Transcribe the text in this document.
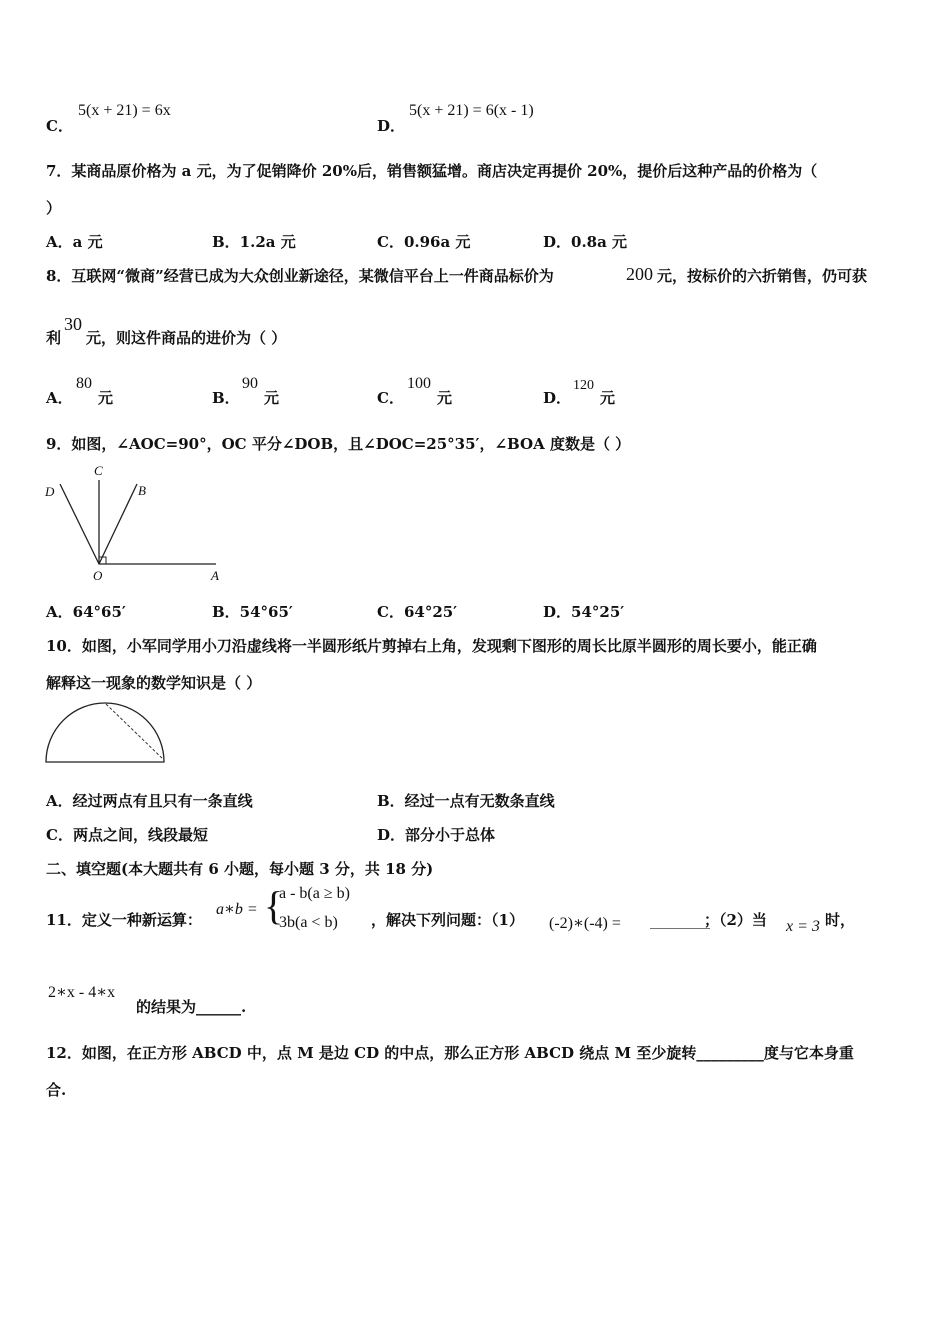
C．
5(x + 21) = 6x
D．
5(x + 21) = 6(x - 1)
7．某商品原价格为 a 元，为了促销降价 20%后，销售额猛增。商店决定再提价 20%，提价后这种产品的价格为（
）
A．a 元	B．1.2a 元	C．0.96a 元	D．0.8a 元
8．互联网“微商”经营已成为大众创业新途径，某微信平台上一件商品标价为	200 元，按标价的六折销售，仍可获
利
30
元，则这件商品的进价为（ ）
A．
80
元	B．
90
元	C．
100
元	D．
120
元
9．如图，∠AOC=90°，OC 平分∠DOB，且∠DOC=25°35′，∠BOA 度数是（ ）
C
D	B
O	A
A．64°65′	B．54°65′	C．64°25′	D．54°25′
10．如图，小军同学用小刀沿虚线将一半圆形纸片剪掉右上角，发现剩下图形的周长比原半圆形的周长要小，能正确
解释这一现象的数学知识是（ ）
A．经过两点有且只有一条直线	B．经过一点有无数条直线
C．两点之间，线段最短	D．部分小于总体
二、填空题(本大题共有 6 小题，每小题 3 分，共 18 分)
11．定义一种新运算：
a∗b = {
a - b(a ≥ b)
3b(a < b) ，解决下列问题：（1） (-2)∗(-4) = ________
；（2）当 x = 3 时，
2∗x - 4∗x
的结果为______.
12．如图，在正方形 ABCD 中，点 M 是边 CD 的中点，那么正方形 ABCD 绕点 M 至少旋转_________度与它本身重
合.
